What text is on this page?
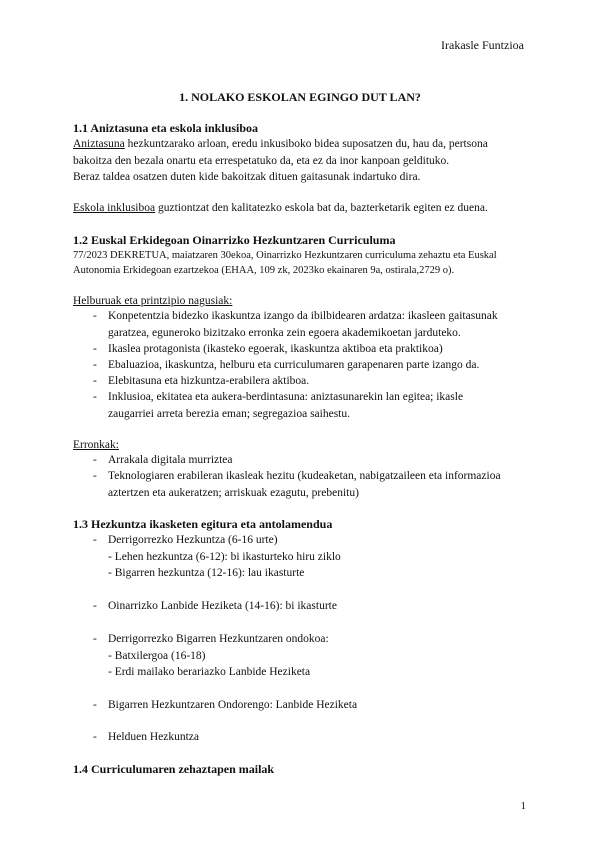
Irakasle Funtzioa
1. NOLAKO ESKOLAN EGINGO DUT LAN?
1.1 Aniztasuna eta eskola inklusiboa
Aniztasuna hezkuntzarako arloan, eredu inkusiboko bidea suposatzen du, hau da, pertsona
bakoitza den bezala onartu eta errespetatuko da, eta ez da inor kanpoan geldituko.
Beraz taldea osatzen duten kide bakoitzak dituen gaitasunak indartuko dira.
Eskola inklusiboa guztiontzat den kalitatezko eskola bat da, bazterketarik egiten ez duena.
1.2 Euskal Erkidegoan Oinarrizko Hezkuntzaren Curriculuma
77/2023 DEKRETUA, maiatzaren 30ekoa, Oinarrizko Hezkuntzaren curriculuma zehaztu eta Euskal
Autonomia Erkidegoan ezartzekoa (EHAA, 109 zk, 2023ko ekainaren 9a, ostirala,2729 o).
Helburuak eta printzipio nagusiak:
- Konpetentzia bidezko ikaskuntza izango da ibilbidearen ardatza: ikasleen gaitasunak
garatzea, eguneroko bizitzako erronka zein egoera akademikoetan jarduteko.
- Ikaslea protagonista (ikasteko egoerak, ikaskuntza aktiboa eta praktikoa)
- Ebaluazioa, ikaskuntza, helburu eta curriculumaren garapenaren parte izango da.
- Elebitasuna eta hizkuntza-erabilera aktiboa.
- Inklusioa, ekitatea eta aukera-berdintasuna: aniztasunarekin lan egitea; ikasle
zaugarriei arreta berezia eman; segregazioa saihestu.
Erronkak:
- Arrakala digitala murriztea
- Teknologiaren erabileran ikasleak hezitu (kudeaketan, nabigatzaileen eta informazioa
aztertzen eta aukeratzen; arriskuak ezagutu, prebenitu)
1.3 Hezkuntza ikasketen egitura eta antolamendua
- Derrigorrezko Hezkuntza (6-16 urte)
- Lehen hezkuntza (6-12): bi ikasturteko hiru ziklo
- Bigarren hezkuntza (12-16): lau ikasturte
- Oinarrizko Lanbide Heziketa (14-16): bi ikasturte
- Derrigorrezko Bigarren Hezkuntzaren ondokoa:
- Batxilergoa (16-18)
- Erdi mailako berariazko Lanbide Heziketa
- Bigarren Hezkuntzaren Ondorengo: Lanbide Heziketa
- Helduen Hezkuntza
1.4 Curriculumaren zehaztapen mailak
1
